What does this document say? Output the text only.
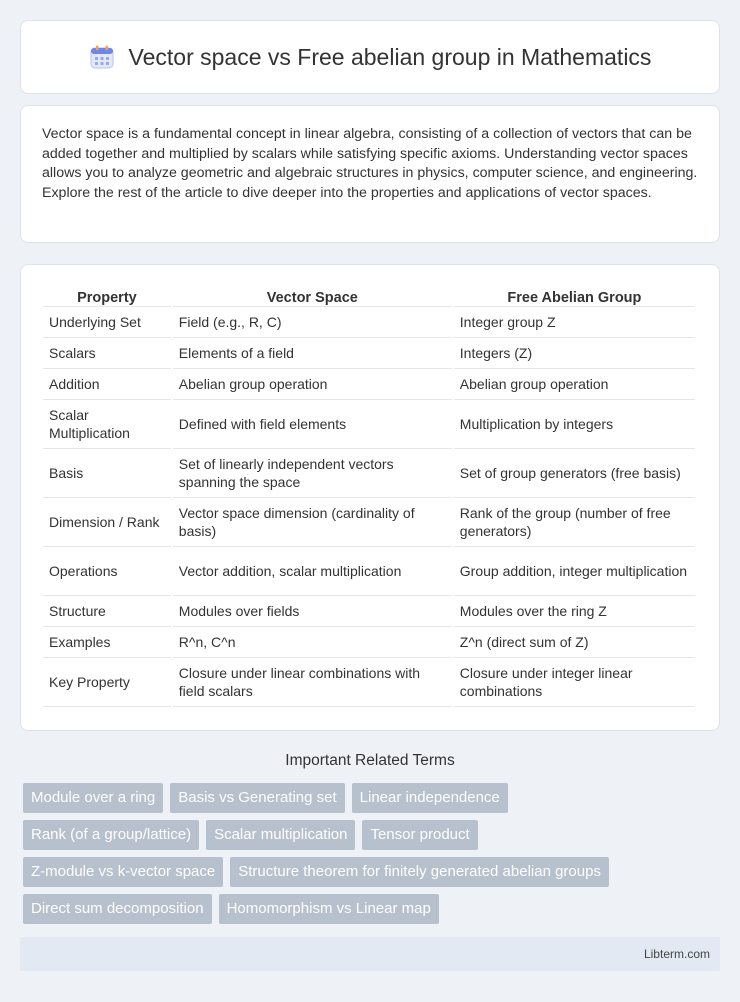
Vector space vs Free abelian group in Mathematics

Vector space is a fundamental concept in linear algebra, consisting of a collection of vectors that can be added together and multiplied by scalars while satisfying specific axioms. Understanding vector spaces allows you to analyze geometric and algebraic structures in physics, computer science, and engineering. Explore the rest of the article to dive deeper into the properties and applications of vector spaces.

Property	Vector Space	Free Abelian Group
Underlying Set	Field (e.g., R, C)	Integer group Z
Scalars	Elements of a field	Integers (Z)
Addition	Abelian group operation	Abelian group operation
Scalar Multiplication	Defined with field elements	Multiplication by integers
Basis	Set of linearly independent vectors spanning the space	Set of group generators (free basis)
Dimension / Rank	Vector space dimension (cardinality of basis)	Rank of the group (number of free generators)
Operations	Vector addition, scalar multiplication	Group addition, integer multiplication
Structure	Modules over fields	Modules over the ring Z
Examples	R^n, C^n	Z^n (direct sum of Z)
Key Property	Closure under linear combinations with field scalars	Closure under integer linear combinations
Important Related Terms
Module over a ring	Basis vs Generating set	Linear independence
Rank (of a group/lattice)	Scalar multiplication	Tensor product
Z-module vs k-vector space	Structure theorem for finitely generated abelian groups
Direct sum decomposition	Homomorphism vs Linear map
Libterm.com
